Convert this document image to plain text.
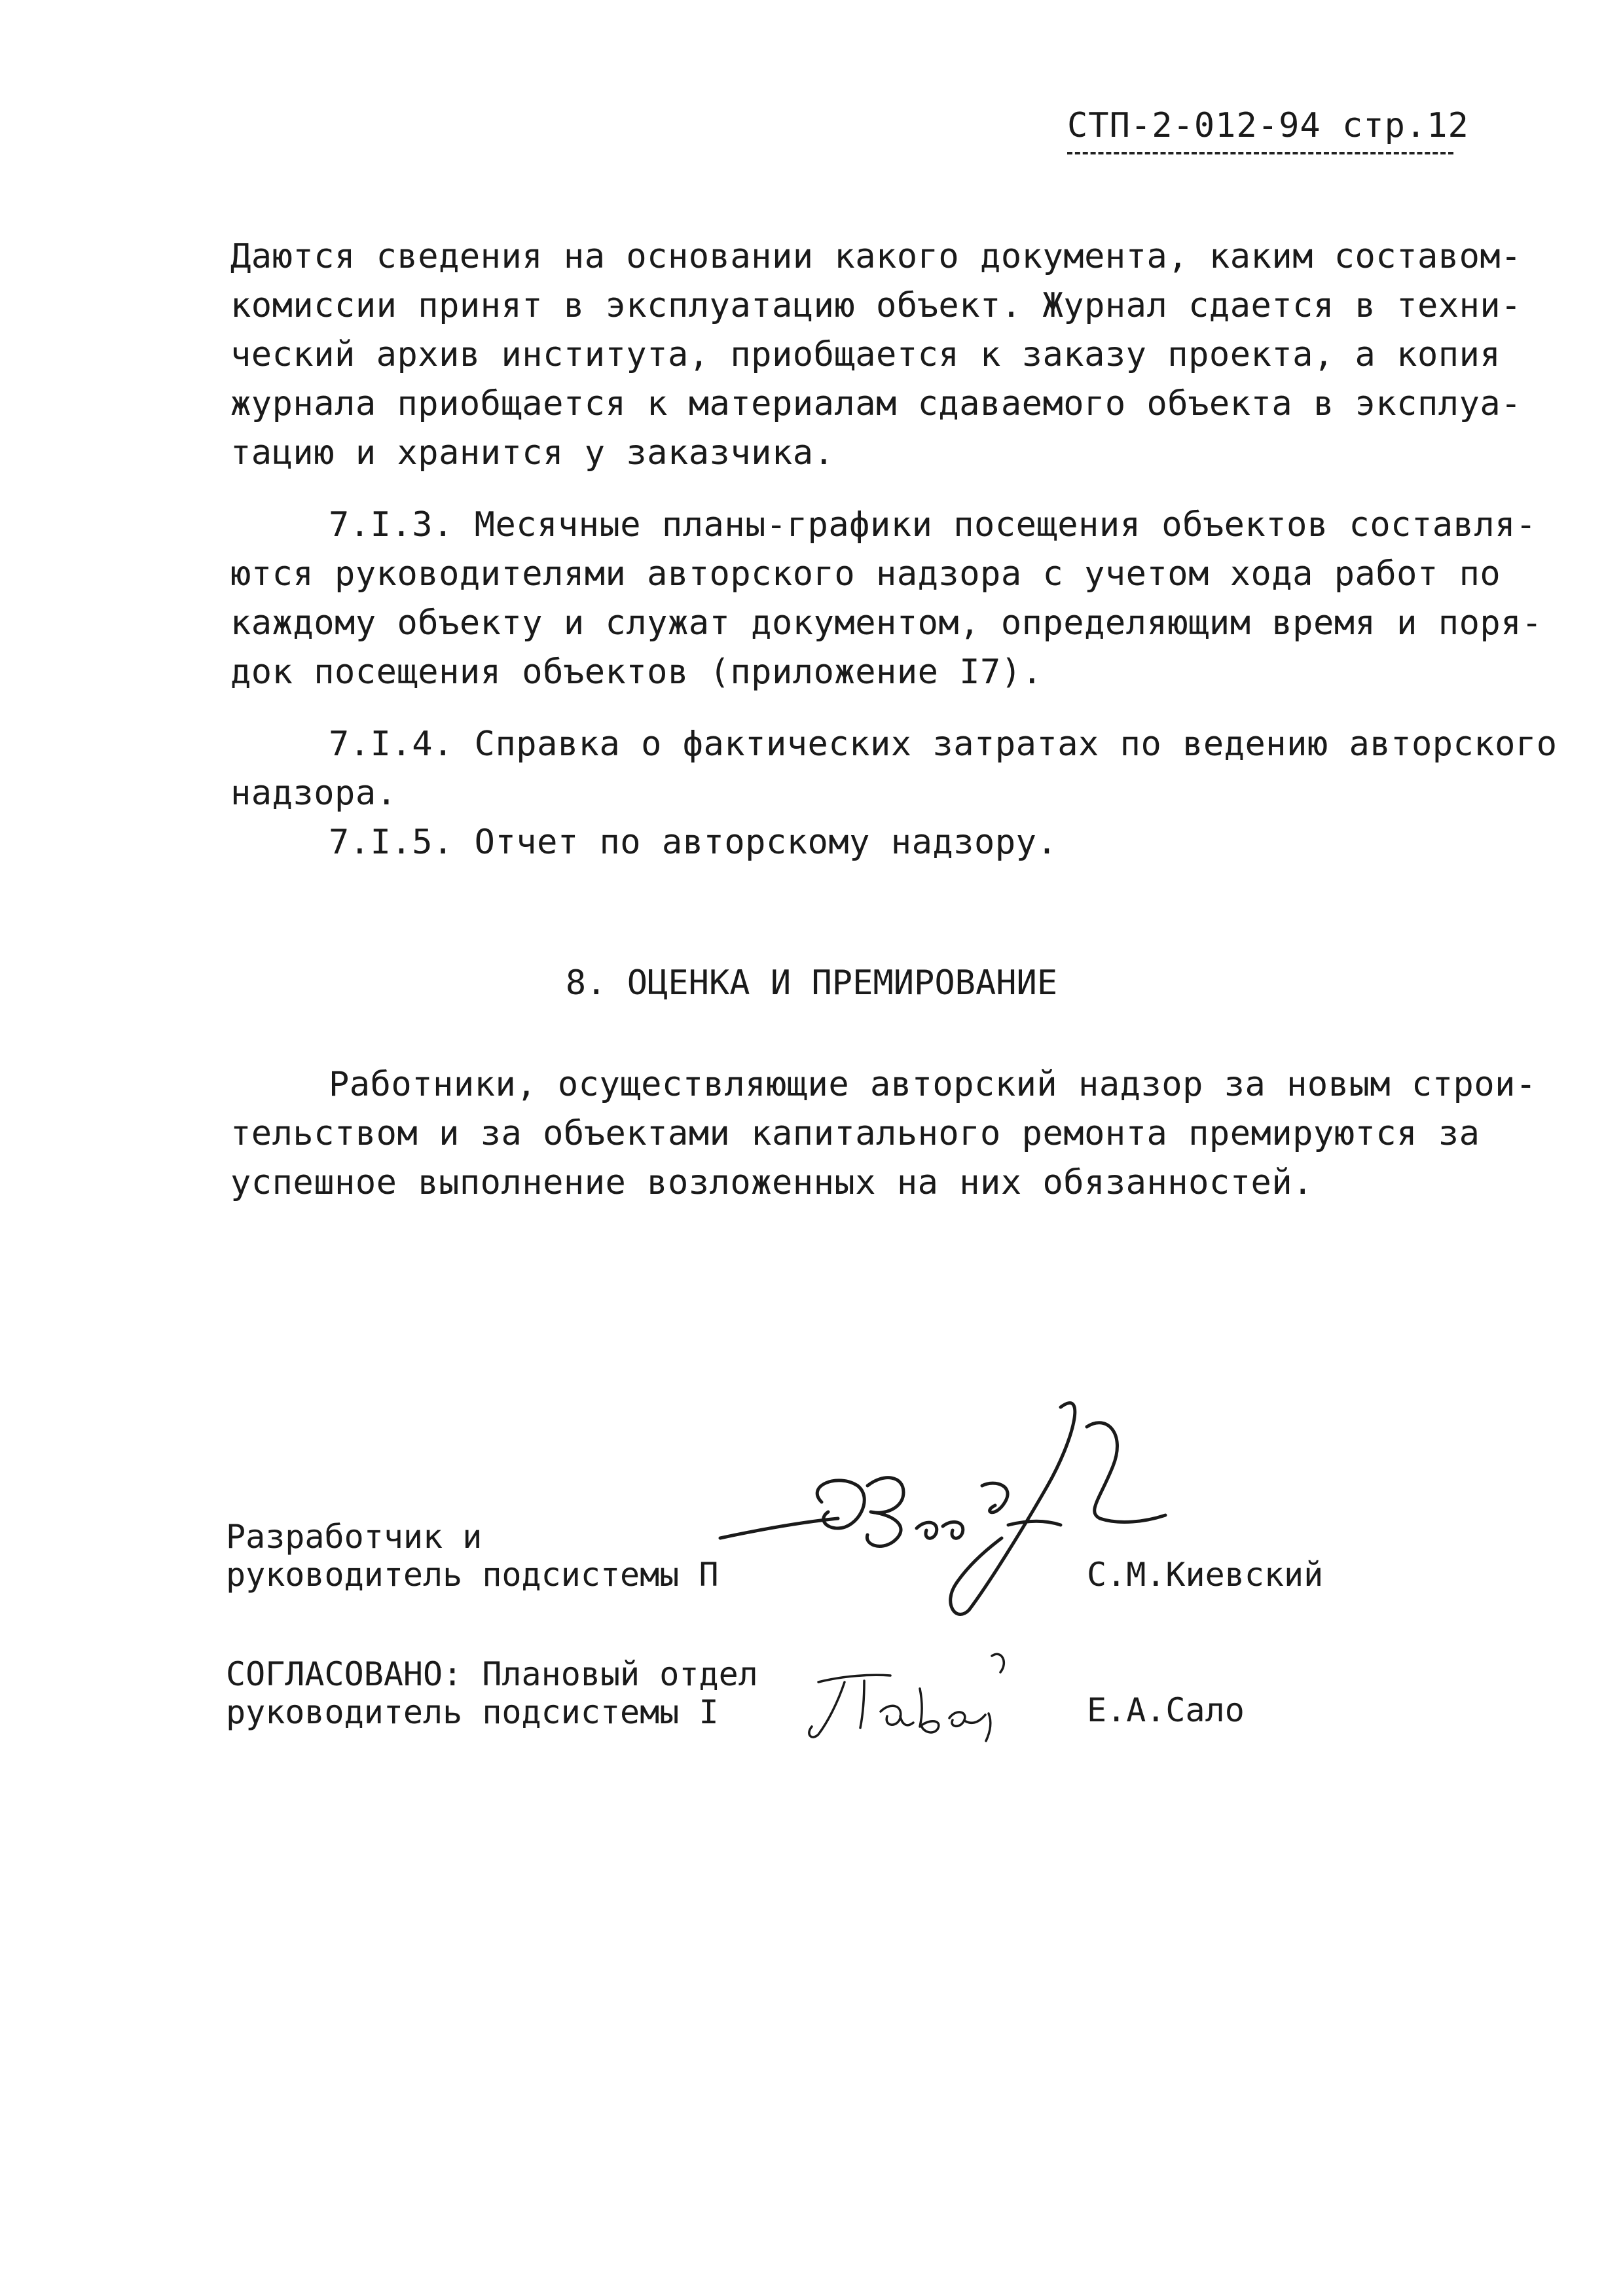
СТП-2-012-94 стр.12
Даются сведения на основании какого документа, каким составом-
комиссии принят в эксплуатацию объект. Журнал сдается в техни-
ческий архив института, приобщается к заказу проекта, а копия
журнала приобщается к материалам сдаваемого объекта в эксплуа-
тацию и хранится у заказчика.
7.I.3. Месячные планы-графики посещения объектов составля-
ются руководителями авторского надзора с учетом хода работ по
каждому объекту и служат документом, определяющим время и поря-
док посещения объектов (приложение I7).
7.I.4. Справка о фактических затратах по ведению авторского
надзора.
7.I.5. Отчет по авторскому надзору.
8. ОЦЕНКА И ПРЕМИРОВАНИЕ
Работники, осуществляющие авторский надзор за новым строи-
тельством и за объектами капитального ремонта премируются за
успешное выполнение возложенных на них обязанностей.
Разработчик и
руководитель подсистемы П	С.М.Киевский
СОГЛАСОВАНО: Плановый отдел
руководитель подсистемы I	Е.А.Сало
